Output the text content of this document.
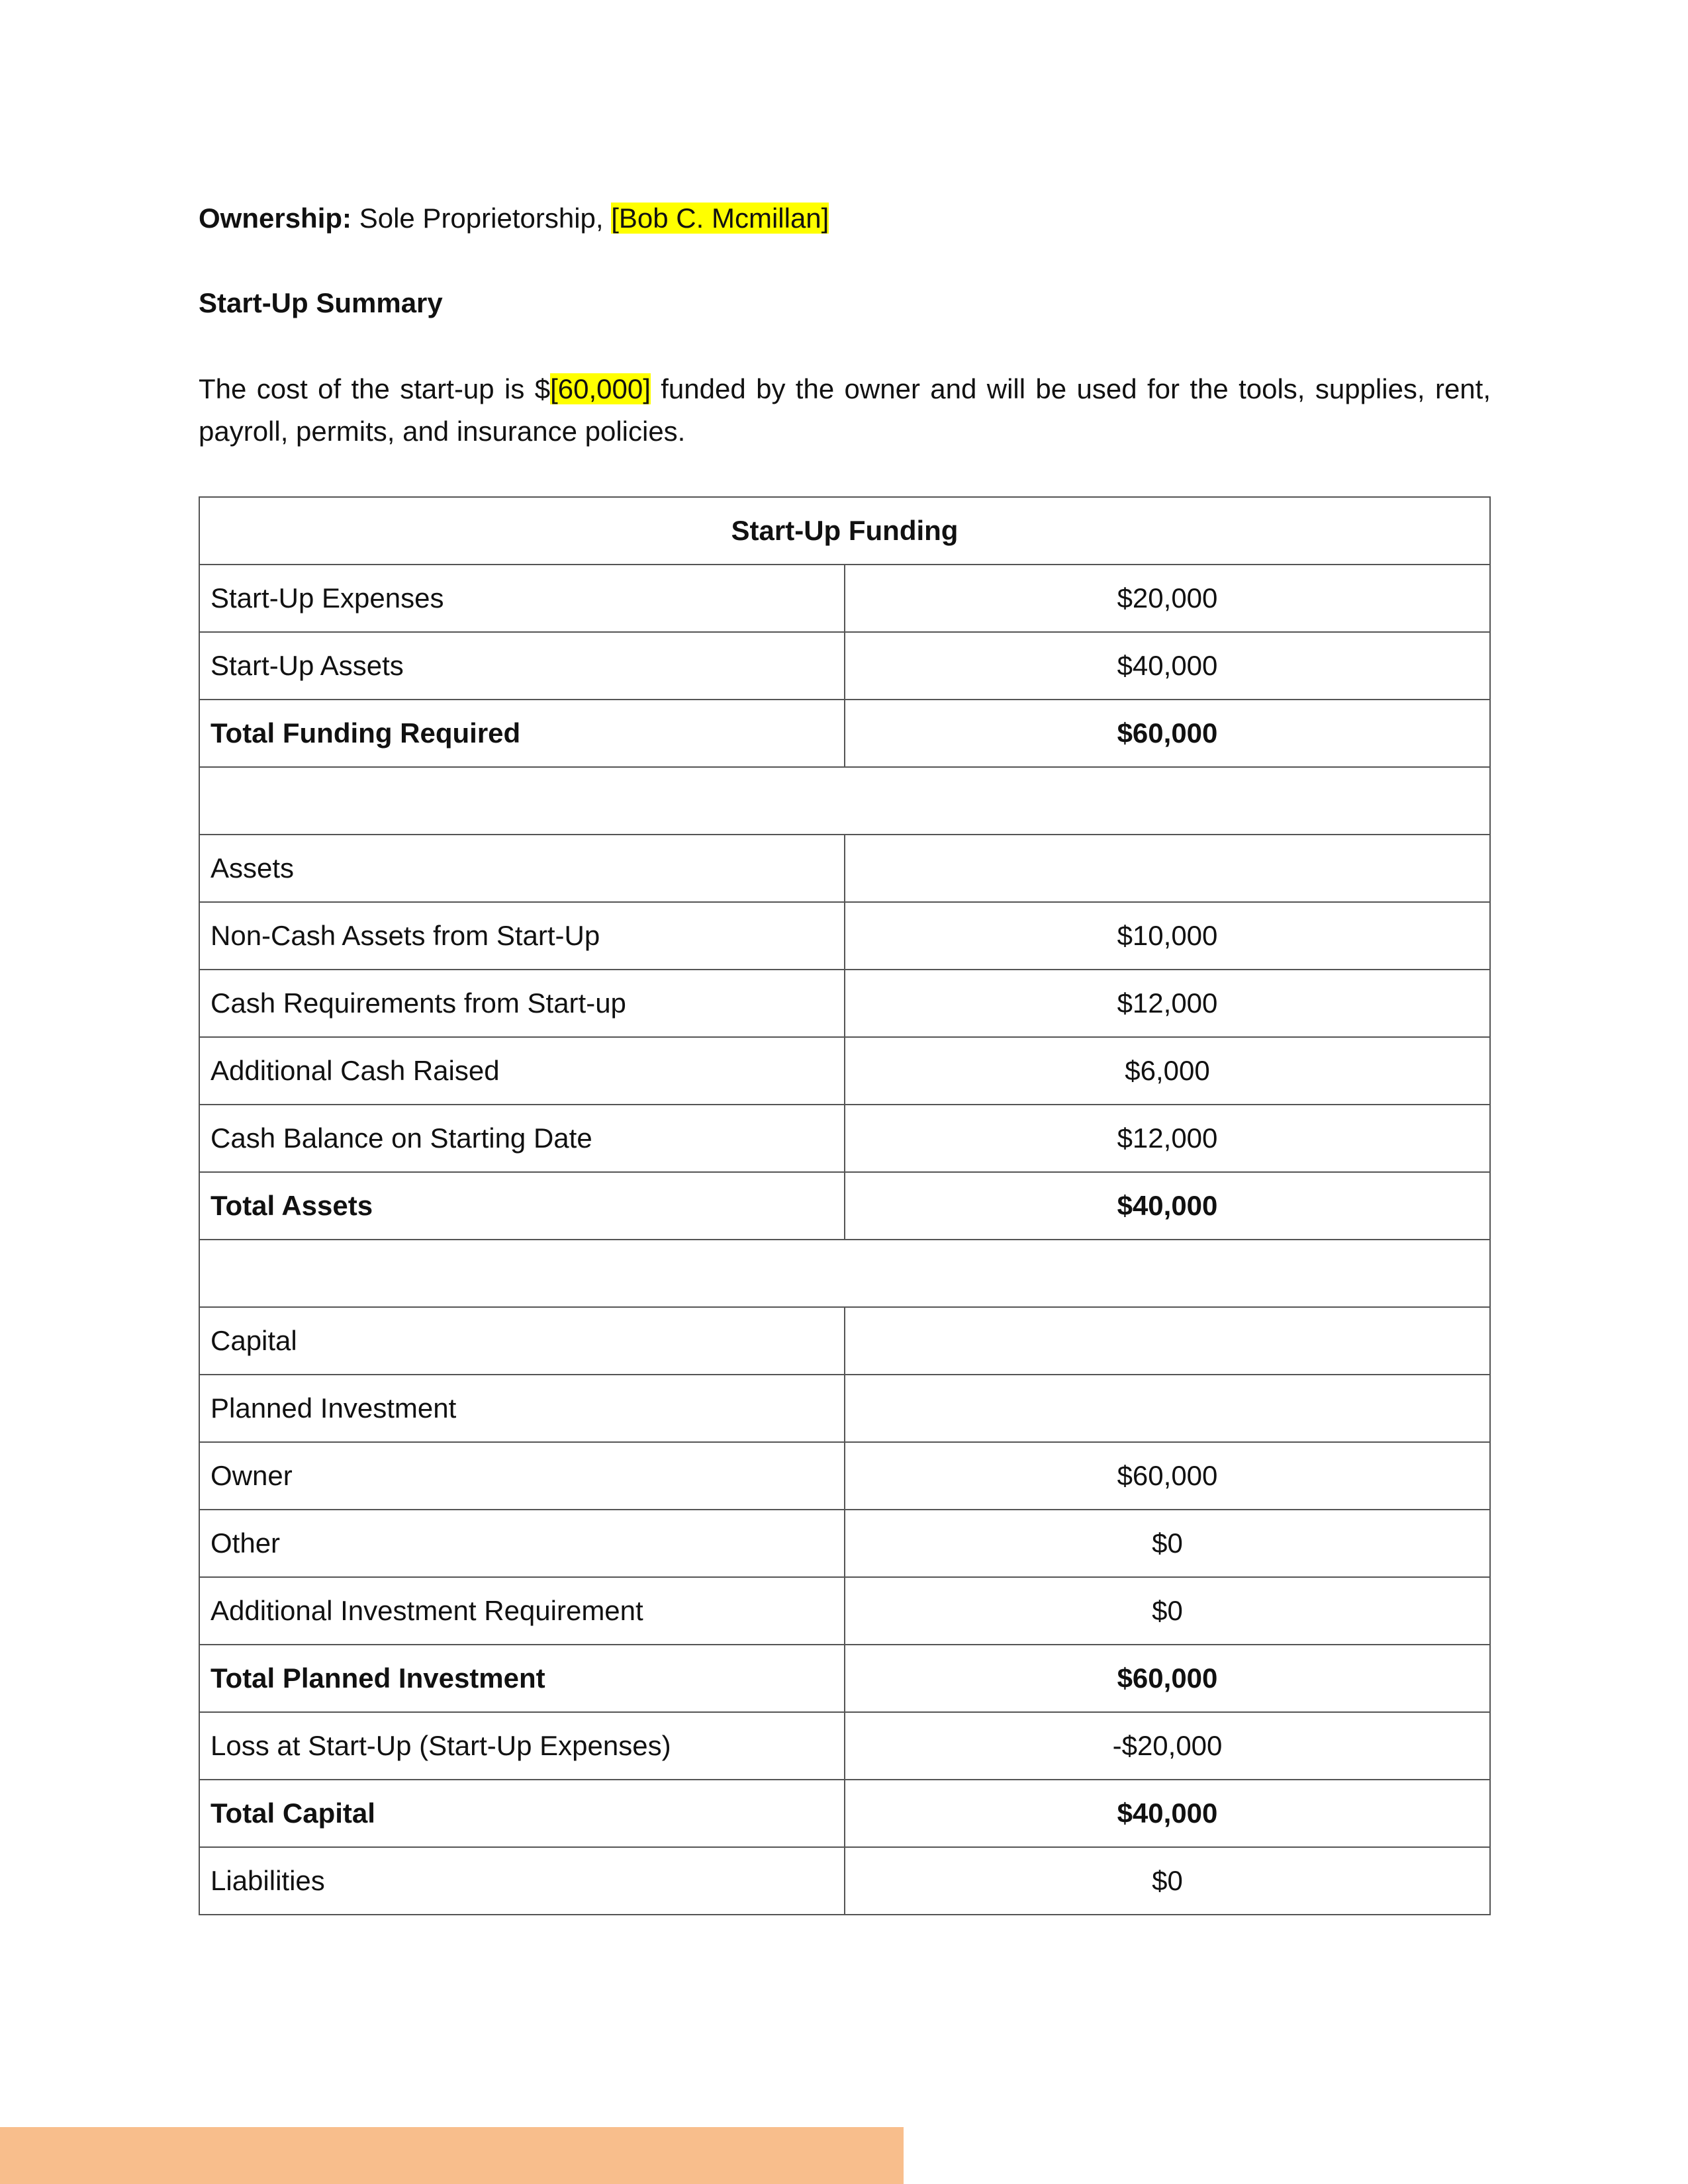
Ownership: Sole Proprietorship, [Bob C. Mcmillan]
Start-Up Summary
The cost of the start-up is $[60,000] funded by the owner and will be used for the tools, supplies, rent, payroll, permits, and insurance policies.
Start-Up Funding	
Start-Up Expenses	$20,000
Start-Up Assets	$40,000
Total Funding Required	$60,000

Assets	
Non-Cash Assets from Start-Up	$10,000
Cash Requirements from Start-up	$12,000
Additional Cash Raised	$6,000
Cash Balance on Starting Date	$12,000
Total Assets	$40,000

Capital	
Planned Investment	
Owner	$60,000
Other	$0
Additional Investment Requirement	$0
Total Planned Investment	$60,000
Loss at Start-Up (Start-Up Expenses)	-$20,000
Total Capital	$40,000
Liabilities	$0
